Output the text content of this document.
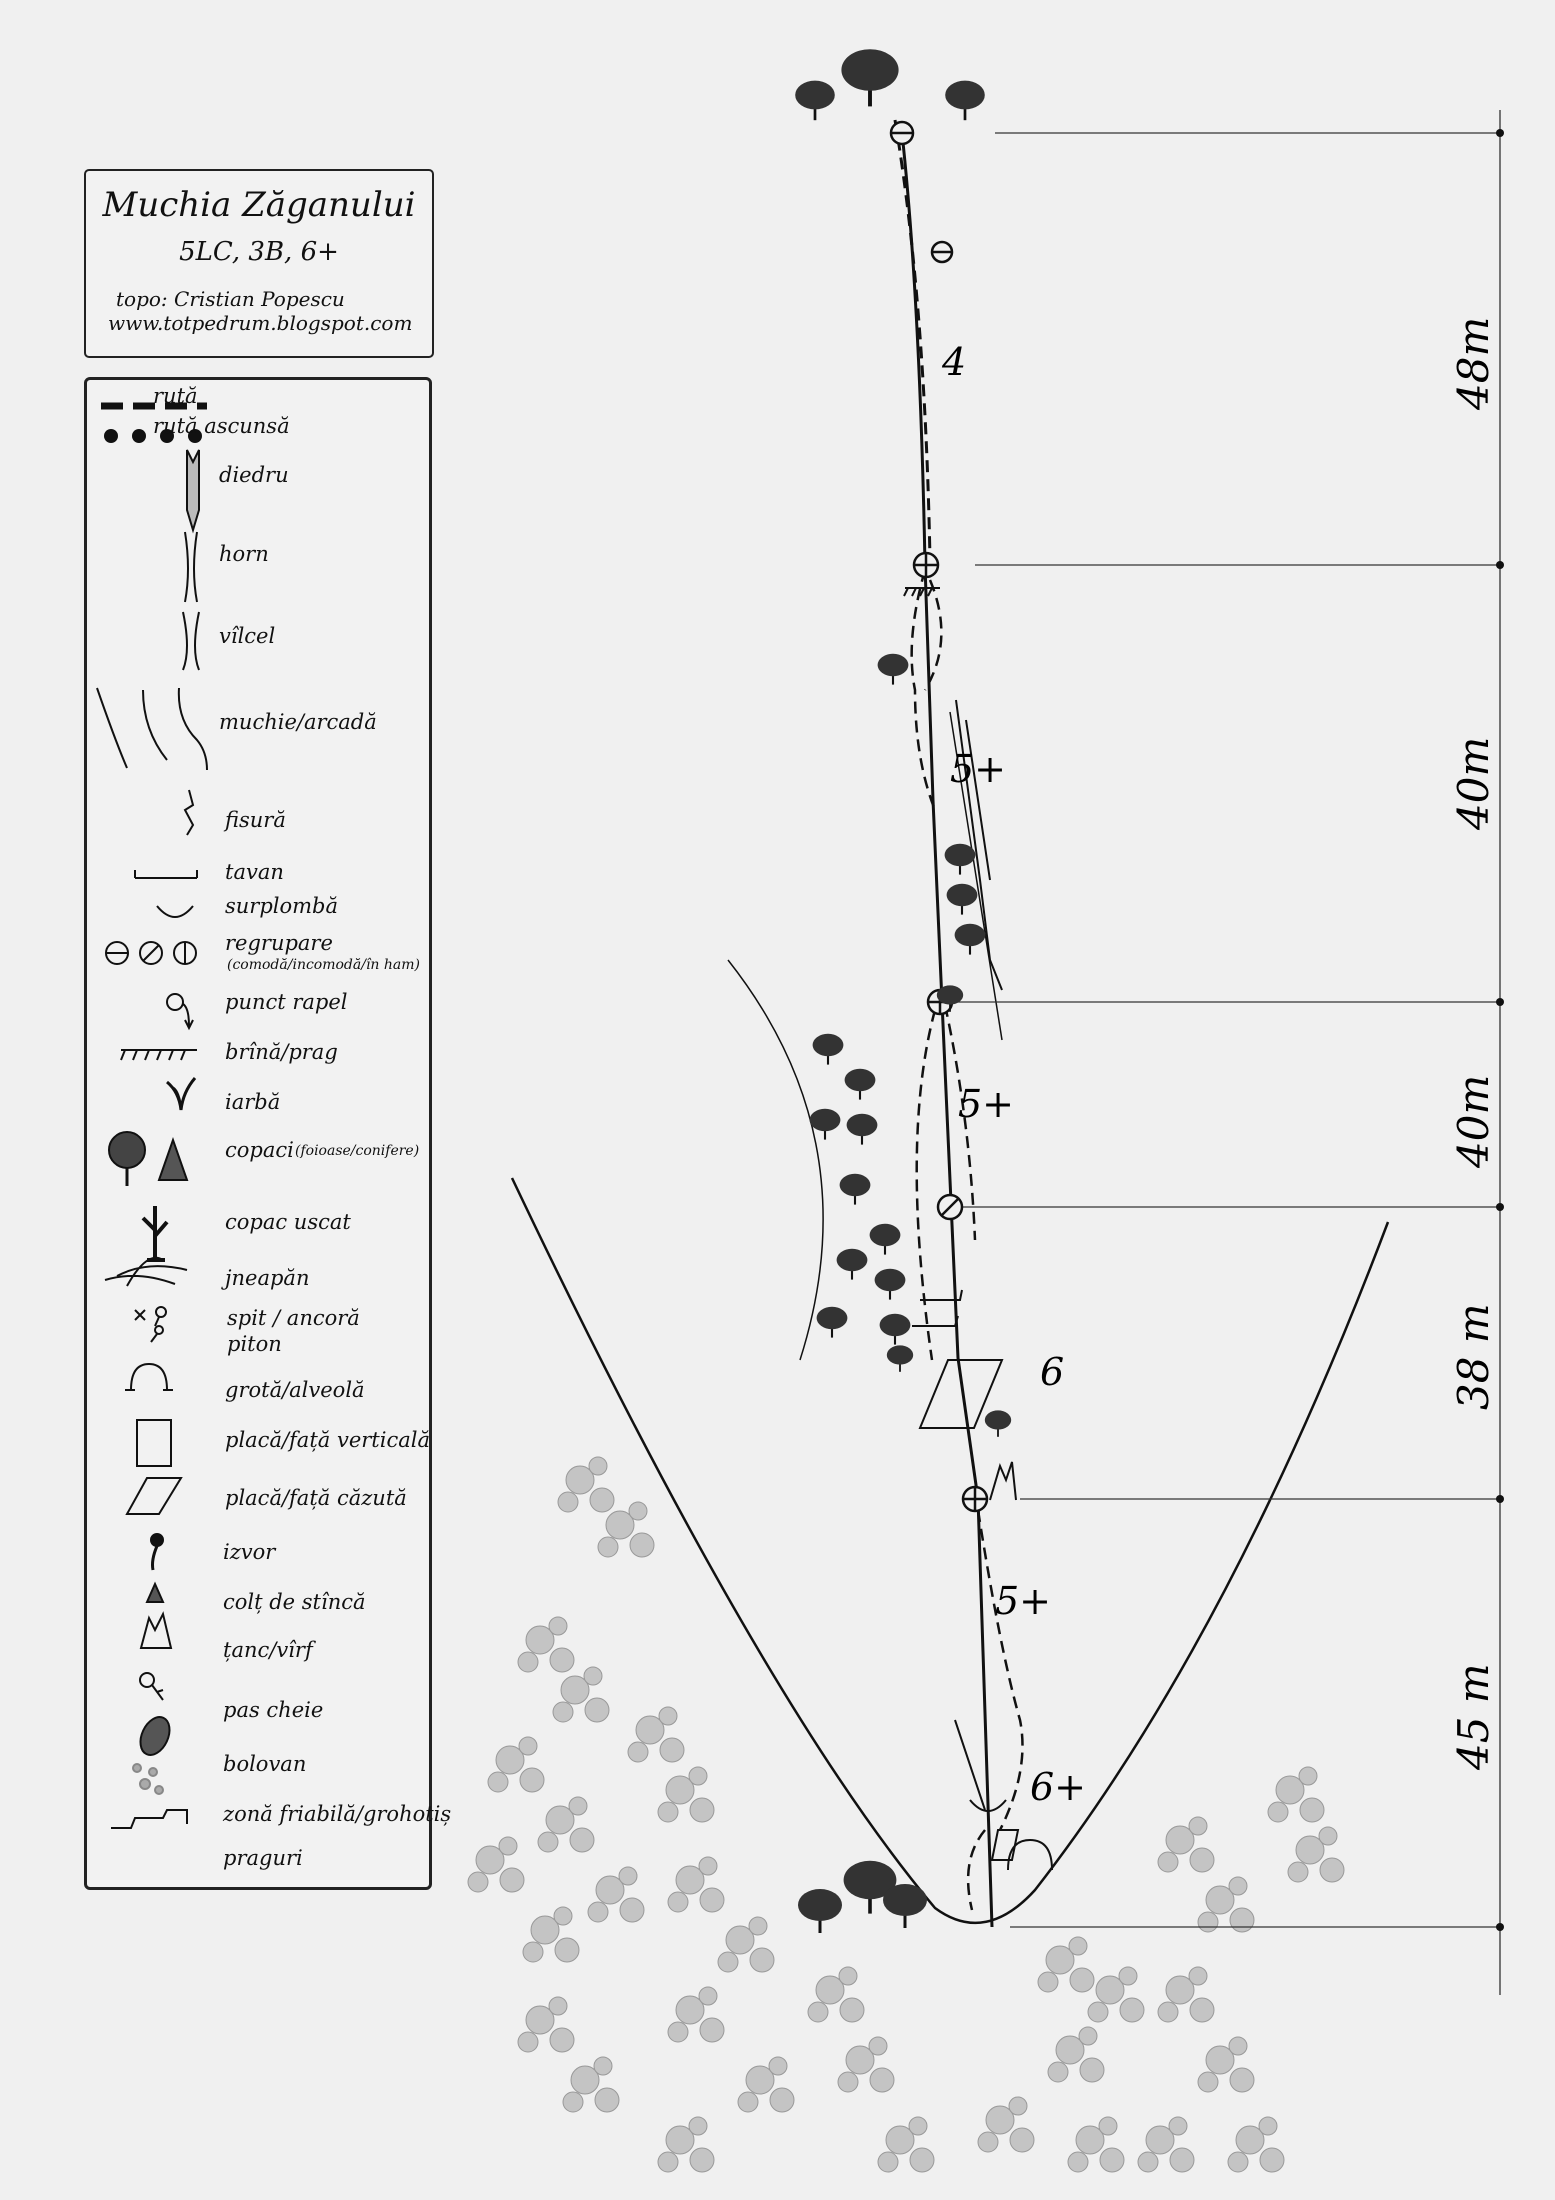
Muchia Zăganului
5LC, 3B, 6+
topo: Cristian Popescu
www.totpedrum.blogspot.com
rută
rută ascunsă
diedru
horn
vîlcel
muchie/arcadă
fisură
tavan
surplombă
regrupare
(comodă/incomodă/în ham)
punct rapel
brînă/prag
iarbă
copaci (foioase/conifere)
copac uscat
jneapăn
spit / ancoră
piton
grotă/alveolă
placă/față verticală
placă/față căzută
izvor
colț de stîncă
țanc/vîrf
pas cheie
bolovan
zonă friabilă/grohotiș
praguri
4
5+
5+
6
5+
6+
48m
40m
40m
38 m
45 m
